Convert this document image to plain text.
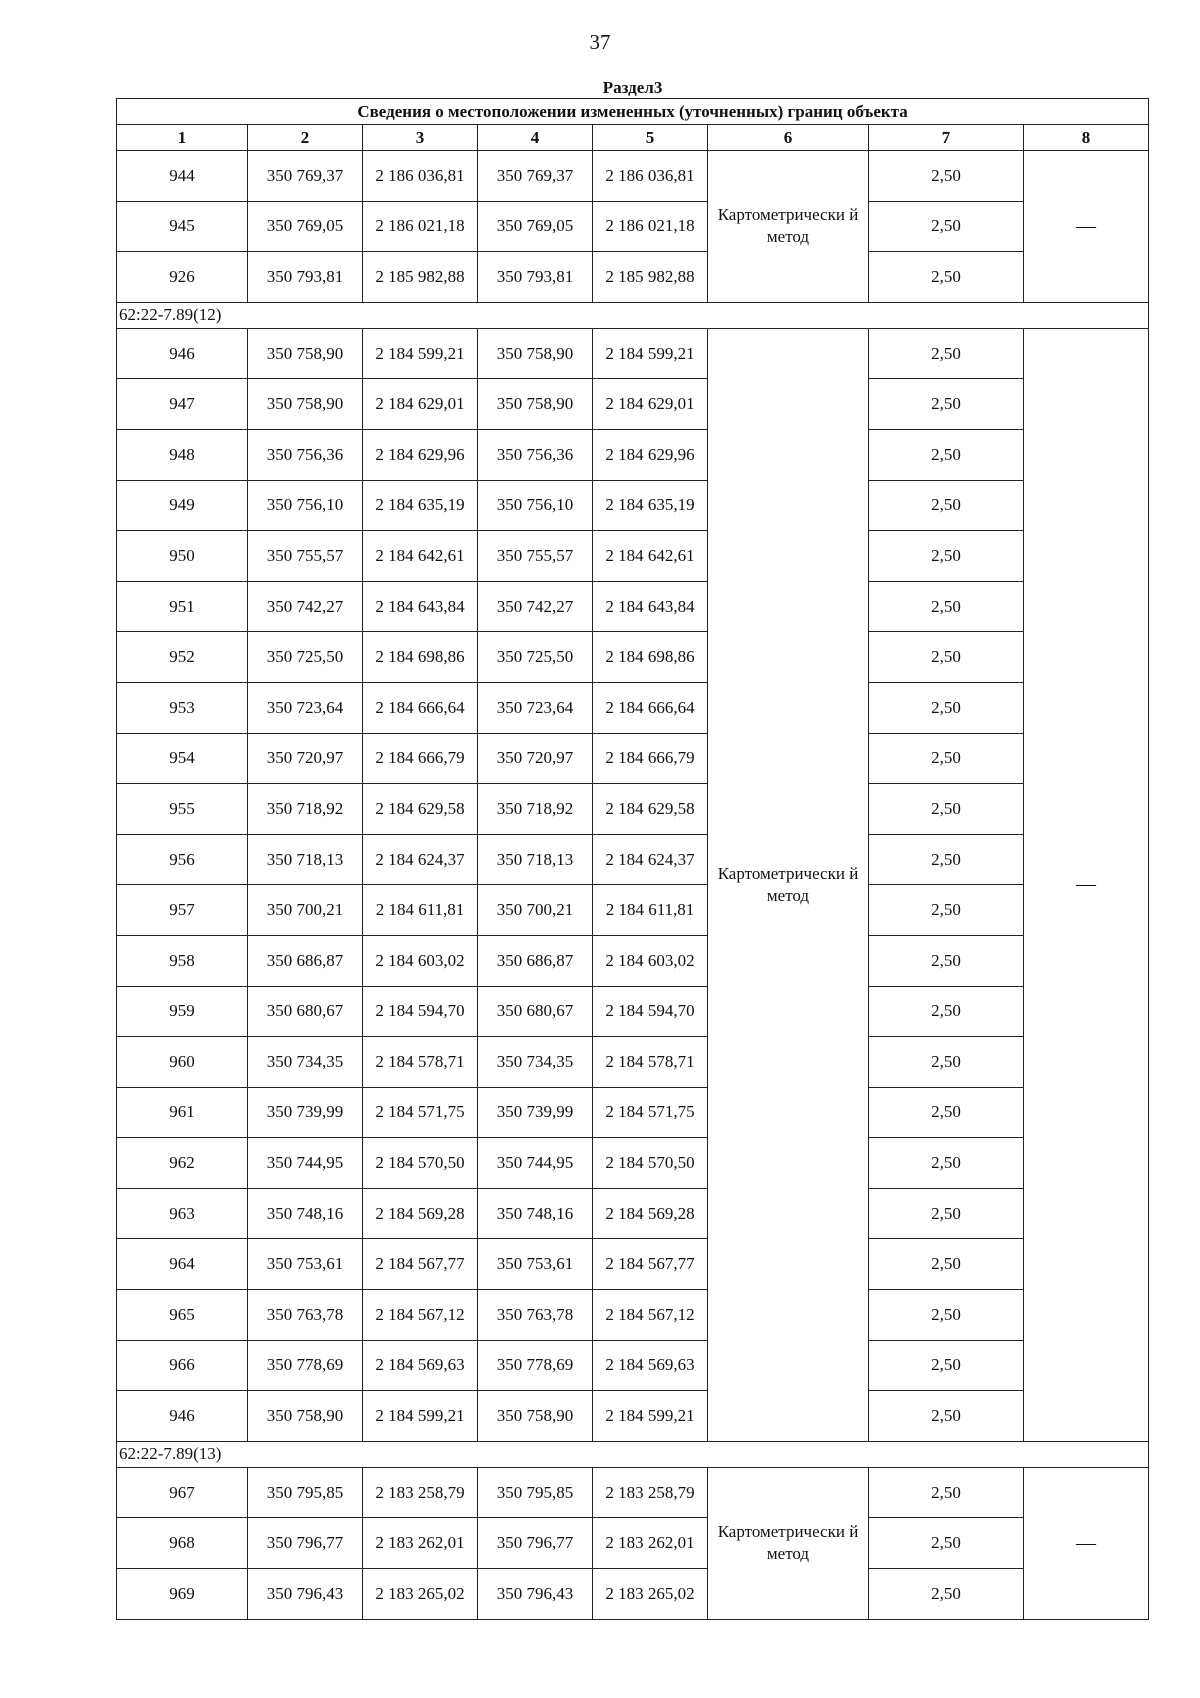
37
Раздел3							
Сведения о местоположении измененных (уточненных) границ объекта							
1	2	3	4	5	6	7	8
944	350 769,37	2 186 036,81	350 769,37	2 186 036,81	Картометрически й метод	2,50	—
945	350 769,05	2 186 021,18	350 769,05	2 186 021,18		2,50	
926	350 793,81	2 185 982,88	350 793,81	2 185 982,88		2,50	
62:22-7.89(12)							
946	350 758,90	2 184 599,21	350 758,90	2 184 599,21	Картометрически й метод	2,50	—
947	350 758,90	2 184 629,01	350 758,90	2 184 629,01		2,50	
948	350 756,36	2 184 629,96	350 756,36	2 184 629,96		2,50	
949	350 756,10	2 184 635,19	350 756,10	2 184 635,19		2,50	
950	350 755,57	2 184 642,61	350 755,57	2 184 642,61		2,50	
951	350 742,27	2 184 643,84	350 742,27	2 184 643,84		2,50	
952	350 725,50	2 184 698,86	350 725,50	2 184 698,86		2,50	
953	350 723,64	2 184 666,64	350 723,64	2 184 666,64		2,50	
954	350 720,97	2 184 666,79	350 720,97	2 184 666,79		2,50	
955	350 718,92	2 184 629,58	350 718,92	2 184 629,58		2,50	
956	350 718,13	2 184 624,37	350 718,13	2 184 624,37		2,50	
957	350 700,21	2 184 611,81	350 700,21	2 184 611,81		2,50	
958	350 686,87	2 184 603,02	350 686,87	2 184 603,02		2,50	
959	350 680,67	2 184 594,70	350 680,67	2 184 594,70		2,50	
960	350 734,35	2 184 578,71	350 734,35	2 184 578,71		2,50	
961	350 739,99	2 184 571,75	350 739,99	2 184 571,75		2,50	
962	350 744,95	2 184 570,50	350 744,95	2 184 570,50		2,50	
963	350 748,16	2 184 569,28	350 748,16	2 184 569,28		2,50	
964	350 753,61	2 184 567,77	350 753,61	2 184 567,77		2,50	
965	350 763,78	2 184 567,12	350 763,78	2 184 567,12		2,50	
966	350 778,69	2 184 569,63	350 778,69	2 184 569,63		2,50	
946	350 758,90	2 184 599,21	350 758,90	2 184 599,21		2,50	
62:22-7.89(13)							
967	350 795,85	2 183 258,79	350 795,85	2 183 258,79	Картометрически й метод	2,50	—
968	350 796,77	2 183 262,01	350 796,77	2 183 262,01		2,50	
969	350 796,43	2 183 265,02	350 796,43	2 183 265,02		2,50	
